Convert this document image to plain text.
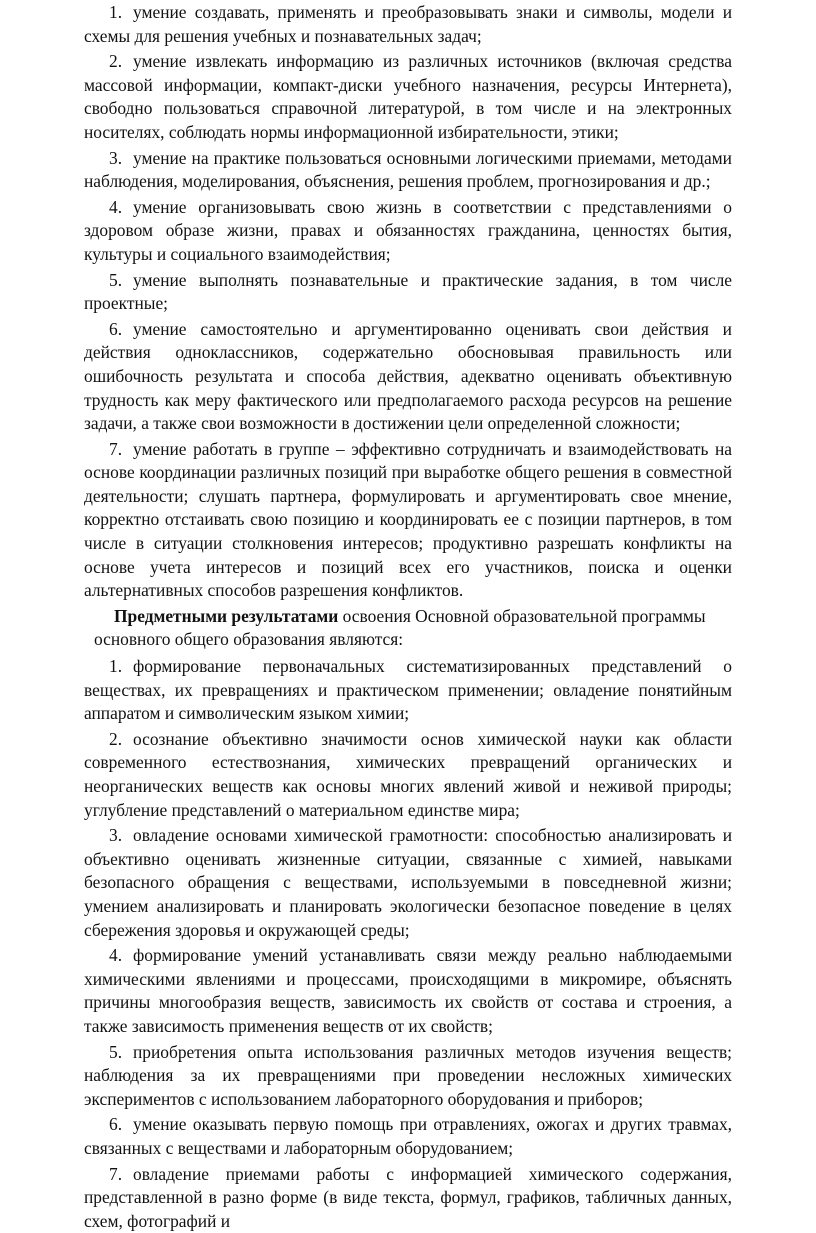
1. умение создавать, применять и преобразовывать знаки и символы, модели и схемы для решения учебных и познавательных задач;

2. умение извлекать информацию из различных источников (включая средства массовой информации, компакт-диски учебного назначения, ресурсы Интернета), свободно пользоваться справочной литературой, в том числе и на электронных носителях, соблюдать нормы информационной избирательности, этики;

3. умение на практике пользоваться основными логическими приемами, методами наблюдения, моделирования, объяснения, решения проблем, прогнозирования и др.;

4. умение организовывать свою жизнь в соответствии с представлениями о здоровом образе жизни, правах и обязанностях гражданина, ценностях бытия, культуры и социального взаимодействия;

5. умение выполнять познавательные и практические задания, в том числе проектные;

6. умение самостоятельно и аргументированно оценивать свои действия и действия одноклассников, содержательно обосновывая правильность или ошибочность результата и способа действия, адекватно оценивать объективную трудность как меру фактического или предполагаемого расхода ресурсов на решение задачи, а также свои возможности в достижении цели определенной сложности;

7. умение работать в группе – эффективно сотрудничать и взаимодействовать на основе координации различных позиций при выработке общего решения в совместной деятельности; слушать партнера, формулировать и аргументировать свое мнение, корректно отстаивать свою позицию и координировать ее с позиции партнеров, в том числе в ситуации столкновения интересов; продуктивно разрешать конфликты на основе учета интересов и позиций всех его участников, поиска и оценки альтернативных способов разрешения конфликтов.

Предметными результатами освоения Основной образовательной программы
основного общего образования являются:

1. формирование первоначальных систематизированных представлений о веществах, их превращениях и практическом применении; овладение понятийным аппаратом и символическим языком химии;

2. осознание объективно значимости основ химической науки как области современного естествознания, химических превращений органических и неорганических веществ как основы многих явлений живой и неживой природы; углубление представлений о материальном единстве мира;

3. овладение основами химической грамотности: способностью анализировать и объективно оценивать жизненные ситуации, связанные с химией, навыками безопасного обращения с веществами, используемыми в повседневной жизни; умением анализировать и планировать экологически безопасное поведение в целях сбережения здоровья и окружающей среды;

4. формирование умений устанавливать связи между реально наблюдаемыми химическими явлениями и процессами, происходящими в микромире, объяснять причины многообразия веществ, зависимость их свойств от состава и строения, а также зависимость применения веществ от их свойств;

5. приобретения опыта использования различных методов изучения веществ; наблюдения за их превращениями при проведении несложных химических экспериментов с использованием лабораторного оборудования и приборов;

6. умение оказывать первую помощь при отравлениях, ожогах и других травмах, связанных с веществами и лабораторным оборудованием;

7. овладение приемами работы с информацией химического содержания, представленной в разно форме (в виде текста, формул, графиков, табличных данных, схем, фотографий и
